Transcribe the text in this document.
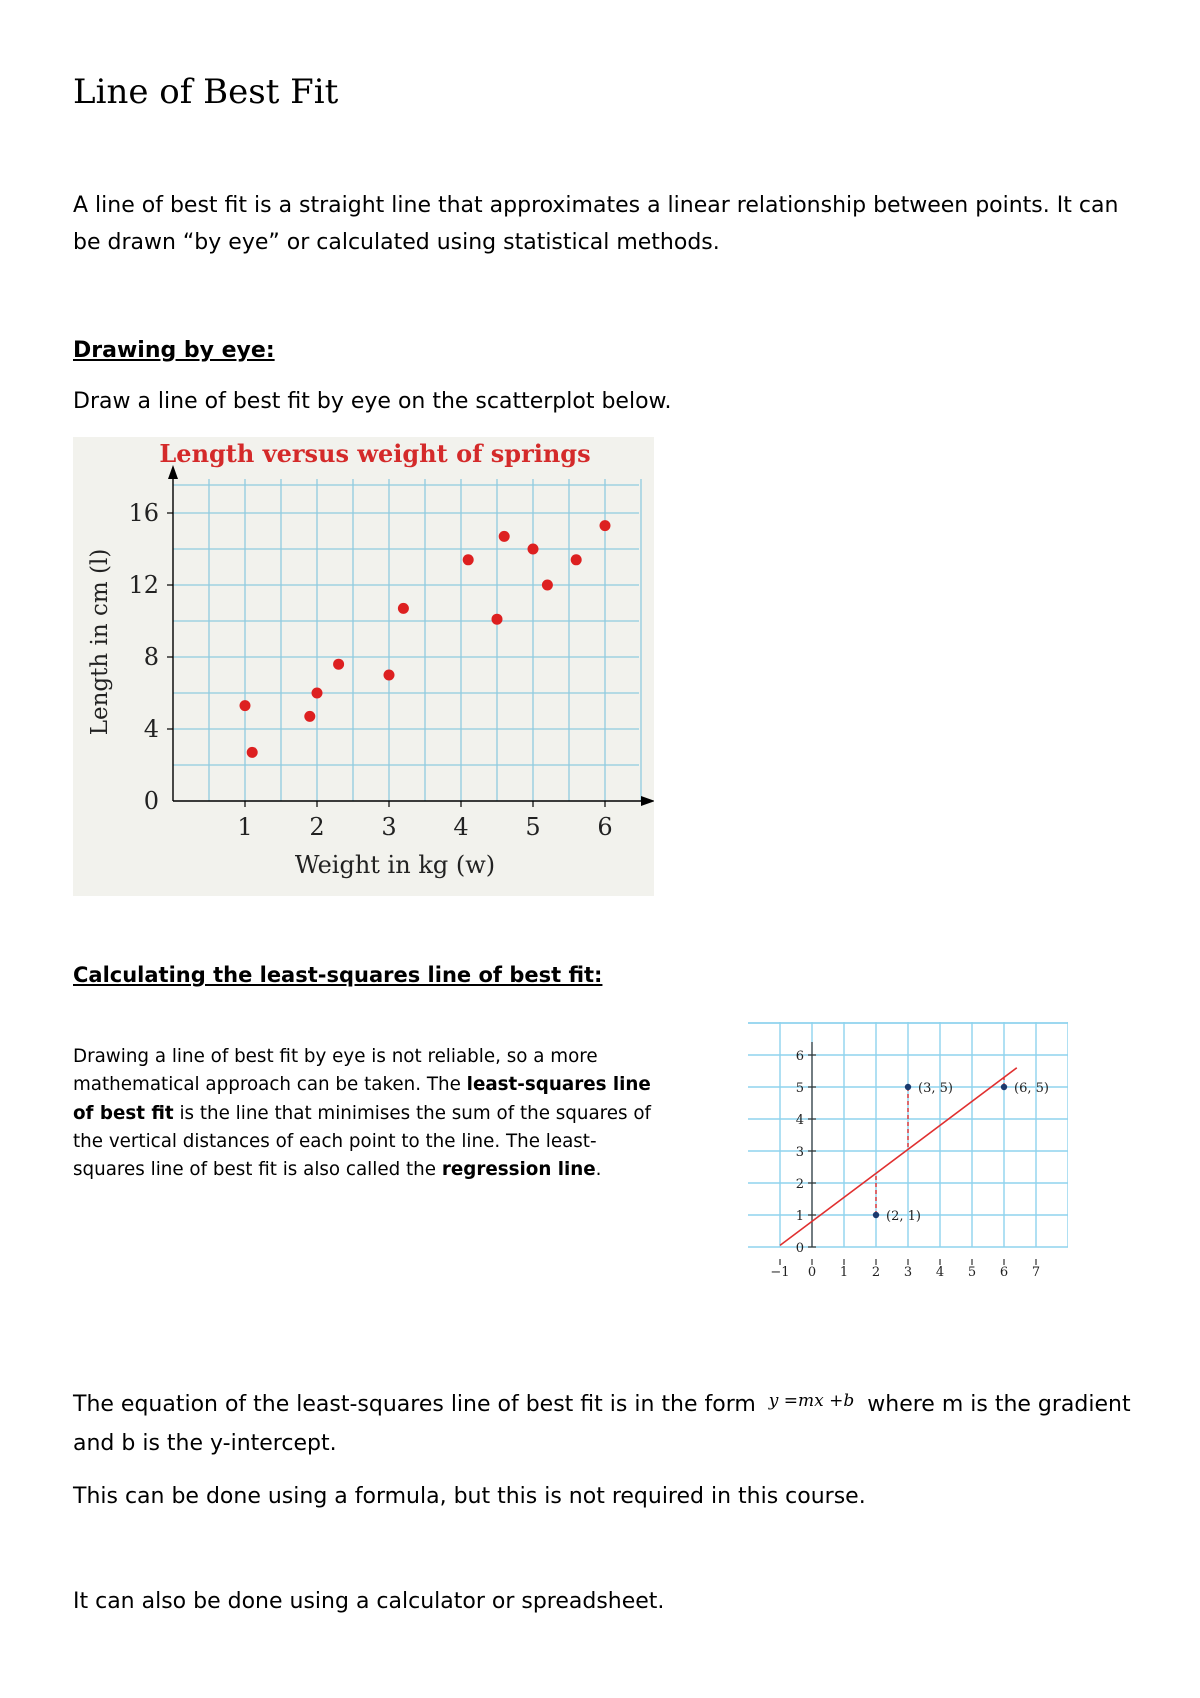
Line of Best Fit

A line of best fit is a straight line that approximates a linear relationship between points. It can be drawn “by eye” or calculated using statistical methods.

Drawing by eye:

Draw a line of best fit by eye on the scatterplot below.

1 2 3 4 5 6
0
4
8
12
16
Length versus weight of springs
Weight in kg (w)
Length in cm (l)

Calculating the least-squares line of best fit:

Drawing a line of best fit by eye is not reliable, so a more mathematical approach can be taken. The least-squares line of best fit is the line that minimises the sum of the squares of the vertical distances of each point to the line. The least-squares line of best fit is also called the regression line.

0
1
2
3
4
5
6
−1 0 1 2 3 4 5 6 7
(2, 1)
(3, 5)	(6, 5)

The equation of the least-squares line of best fit is in the form $^{y =mx +b}$ where m is the gradient and b is the y-intercept.

This can be done using a formula, but this is not required in this course.

It can also be done using a calculator or spreadsheet.
